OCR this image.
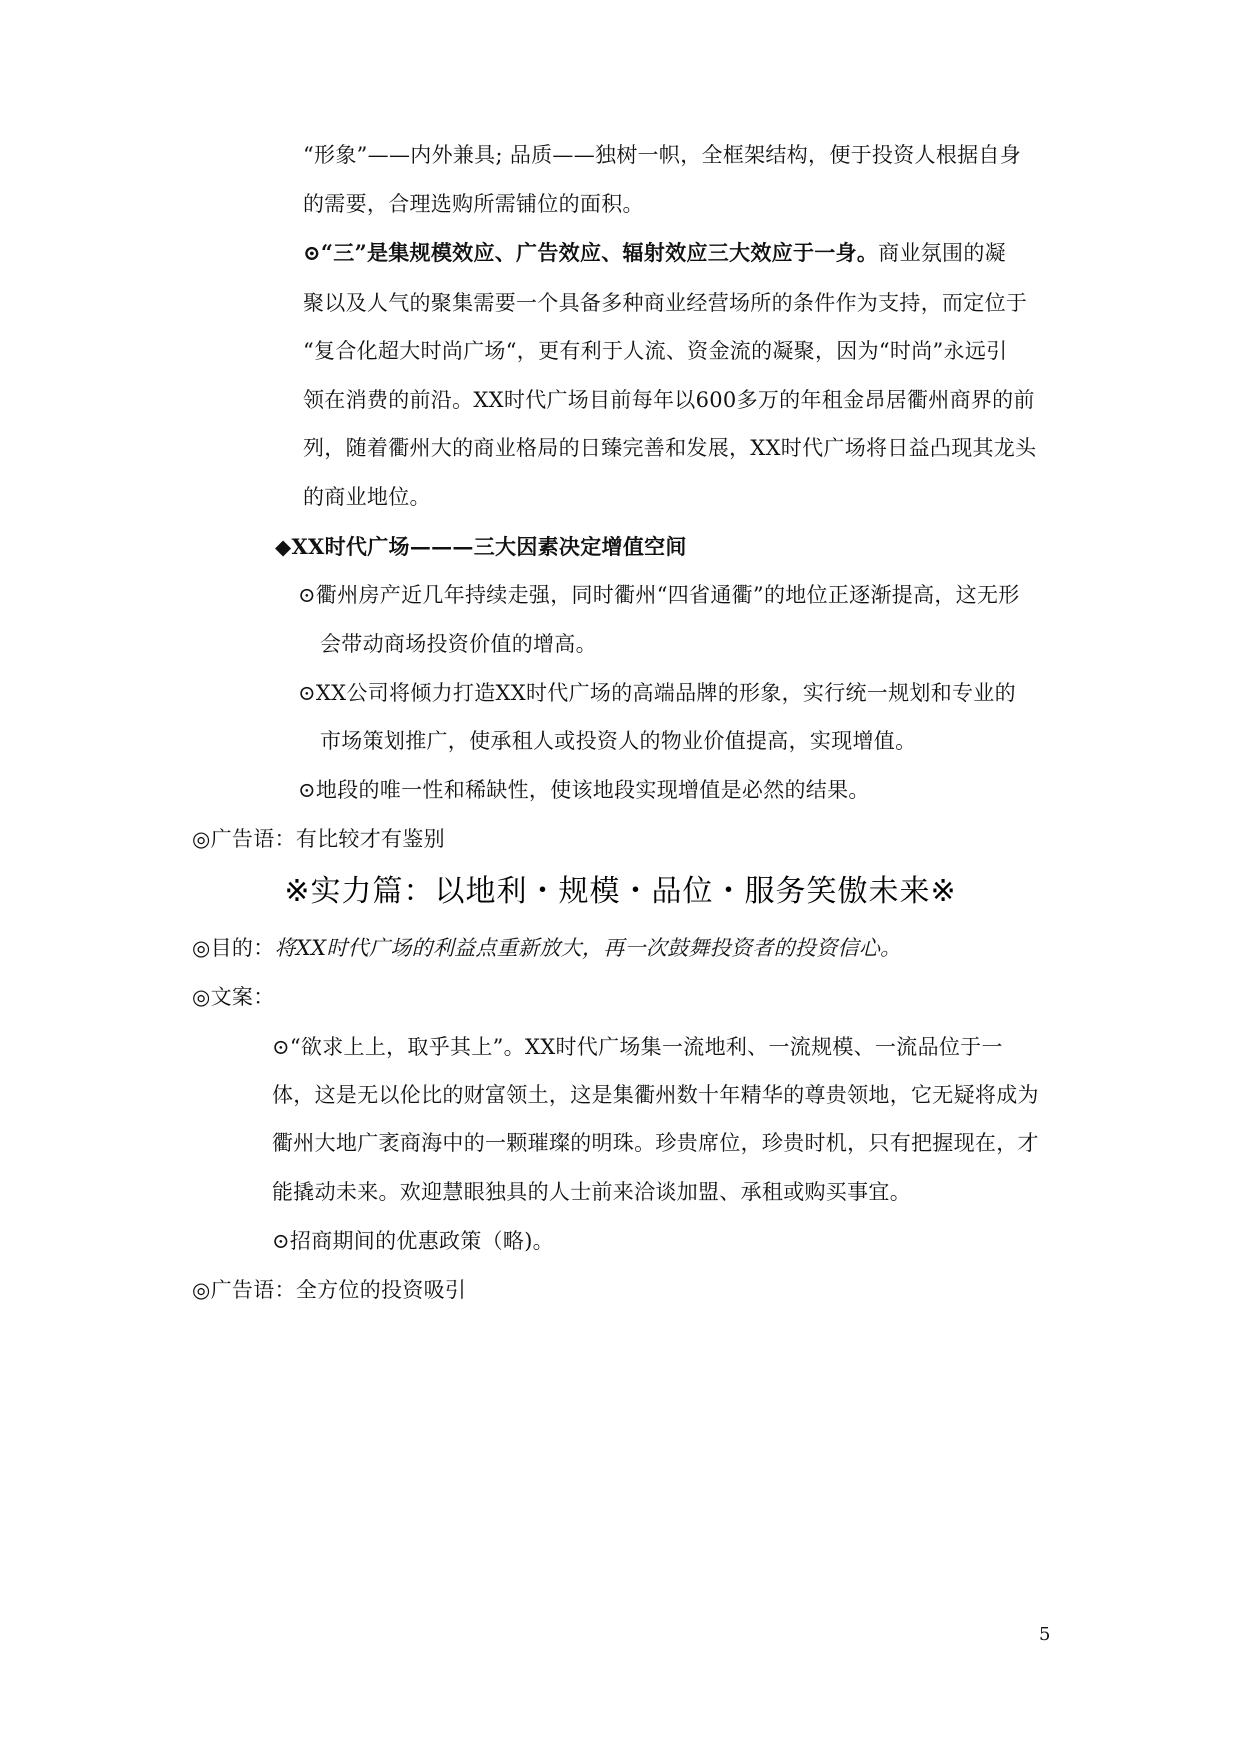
“形象”——内外兼具; 品质——独树一帜，全框架结构，便于投资人根据自身
的需要，合理选购所需铺位的面积。
⊙“三”是集规模效应、广告效应、辐射效应三大效应于一身。商业氛围的凝
聚以及人气的聚集需要一个具备多种商业经营场所的条件作为支持，而定位于
“复合化超大时尚广场“，更有利于人流、资金流的凝聚，因为“时尚”永远引
领在消费的前沿。XX时代广场目前每年以600多万的年租金昂居衢州商界的前
列，随着衢州大的商业格局的日臻完善和发展，XX时代广场将日益凸现其龙头
的商业地位。
◆XX时代广场———三大因素决定增值空间
⊙衢州房产近几年持续走强，同时衢州“四省通衢”的地位正逐渐提高，这无形
会带动商场投资价值的增高。
⊙XX公司将倾力打造XX时代广场的高端品牌的形象，实行统一规划和专业的
市场策划推广，使承租人或投资人的物业价值提高，实现增值。
⊙地段的唯一性和稀缺性，使该地段实现增值是必然的结果。
◎广告语：有比较才有鉴别
※实力篇：以地利・规模・品位・服务笑傲未来※
◎目的：将XX时代广场的利益点重新放大，再一次鼓舞投资者的投资信心。
◎文案：
⊙“欲求上上，取乎其上”。XX时代广场集一流地利、一流规模、一流品位于一
体，这是无以伦比的财富领土，这是集衢州数十年精华的尊贵领地，它无疑将成为
衢州大地广袤商海中的一颗璀璨的明珠。珍贵席位，珍贵时机，只有把握现在，才
能撬动未来。欢迎慧眼独具的人士前来洽谈加盟、承租或购买事宜。
⊙招商期间的优惠政策（略)。
◎广告语：全方位的投资吸引
5
